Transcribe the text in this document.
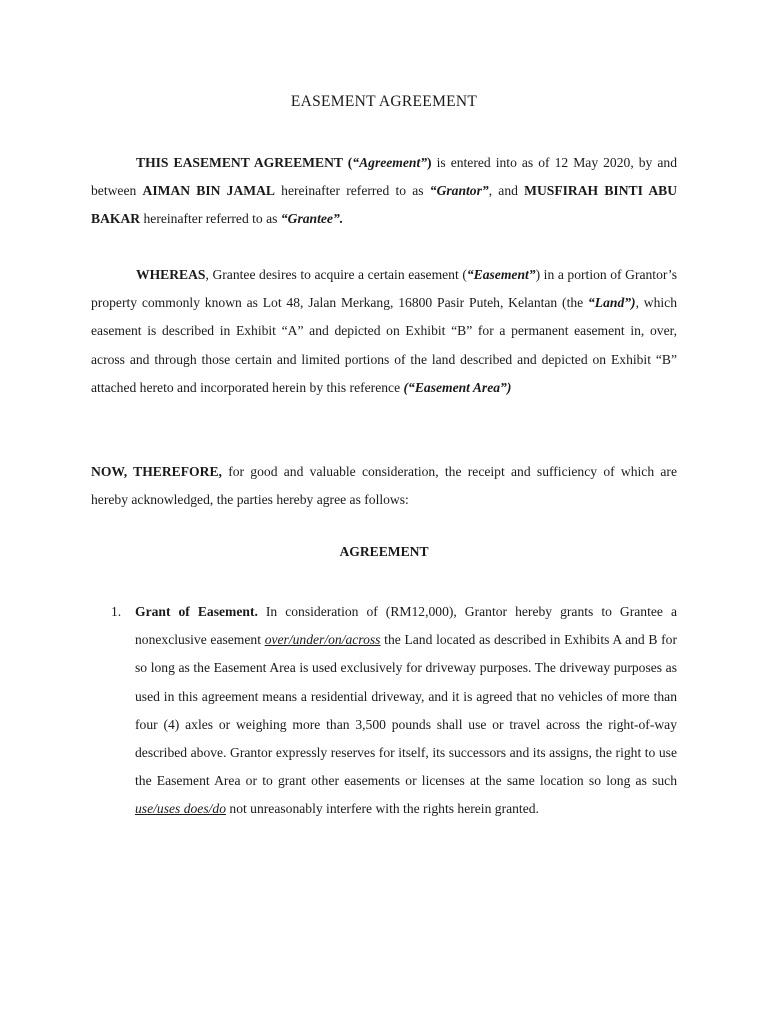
EASEMENT AGREEMENT

THIS EASEMENT AGREEMENT (“Agreement”) is entered into as of 12 May 2020, by and between AIMAN BIN JAMAL hereinafter referred to as “Grantor”, and MUSFIRAH BINTI ABU BAKAR hereinafter referred to as “Grantee”.

WHEREAS, Grantee desires to acquire a certain easement (“Easement”) in a portion of Grantor’s property commonly known as Lot 48, Jalan Merkang, 16800 Pasir Puteh, Kelantan (the “Land”), which easement is described in Exhibit “A” and depicted on Exhibit “B” for a permanent easement in, over, across and through those certain and limited portions of the land described and depicted on Exhibit “B” attached hereto and incorporated herein by this reference (“Easement Area”)

NOW, THEREFORE, for good and valuable consideration, the receipt and sufficiency of which are hereby acknowledged, the parties hereby agree as follows:

AGREEMENT
1. Grant of Easement. In consideration of (RM12,000), Grantor hereby grants to Grantee a nonexclusive easement over/under/on/across the Land located as described in Exhibits A and B for so long as the Easement Area is used exclusively for driveway purposes. The driveway purposes as used in this agreement means a residential driveway, and it is agreed that no vehicles of more than four (4) axles or weighing more than 3,500 pounds shall use or travel across the right-of-way described above. Grantor expressly reserves for itself, its successors and its assigns, the right to use the Easement Area or to grant other easements or licenses at the same location so long as such use/uses does/do not unreasonably interfere with the rights herein granted.
